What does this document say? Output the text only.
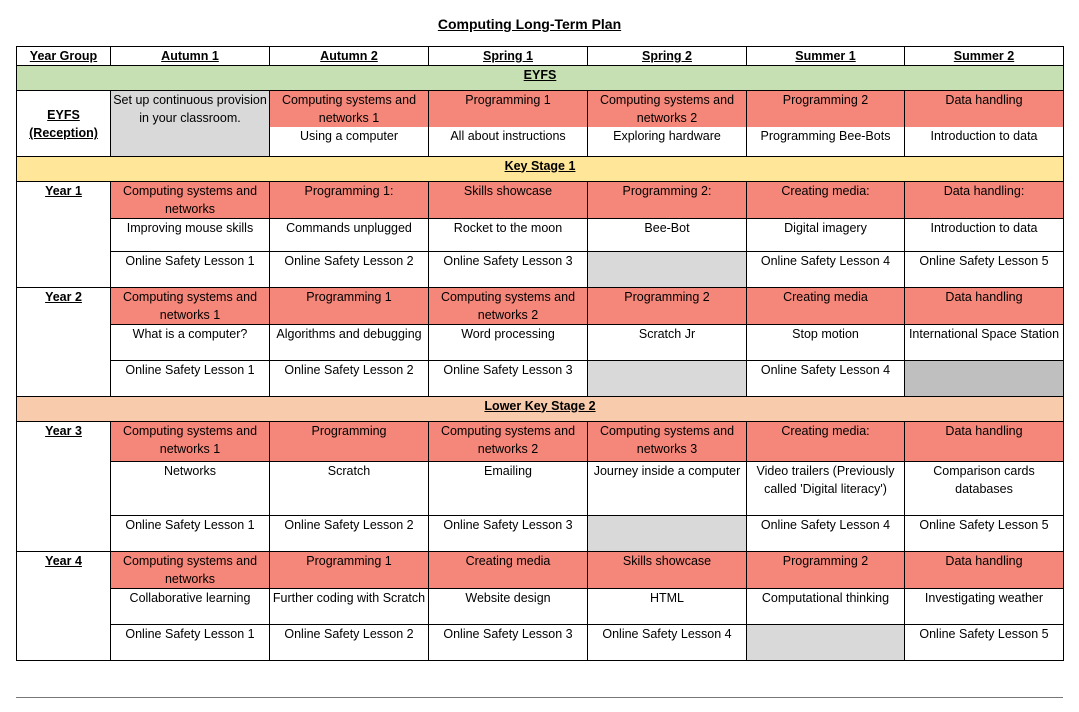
Computing Long-Term Plan
Year Group	Autumn 1	Autumn 2	Spring 1	Spring 2	Summer 1	Summer 2
EYFS						
EYFS (Reception)	Set up continuous provision in your classroom.	Computing systems and networks 1	Programming 1	Computing systems and networks 2	Programming 2	Data handling
		Using a computer	All about instructions	Exploring hardware	Programming Bee-Bots	Introduction to data
Key Stage 1						
Year 1	Computing systems and networks	Programming 1:	Skills showcase	Programming 2:	Creating media:	Data handling:
	Improving mouse skills	Commands unplugged	Rocket to the moon	Bee-Bot	Digital imagery	Introduction to data
	Online Safety Lesson 1	Online Safety Lesson 2	Online Safety Lesson 3		Online Safety Lesson 4	Online Safety Lesson 5
Year 2	Computing systems and networks 1	Programming 1	Computing systems and networks 2	Programming 2	Creating media	Data handling
	What is a computer?	Algorithms and debugging	Word processing	Scratch Jr	Stop motion	International Space Station
	Online Safety Lesson 1	Online Safety Lesson 2	Online Safety Lesson 3		Online Safety Lesson 4	
Lower Key Stage 2						
Year 3	Computing systems and networks 1	Programming	Computing systems and networks 2	Computing systems and networks 3	Creating media:	Data handling
	Networks	Scratch	Emailing	Journey inside a computer	Video trailers (Previously called 'Digital literacy')	Comparison cards databases
	Online Safety Lesson 1	Online Safety Lesson 2	Online Safety Lesson 3		Online Safety Lesson 4	Online Safety Lesson 5
Year 4	Computing systems and networks	Programming 1	Creating media	Skills showcase	Programming 2	Data handling
	Collaborative learning	Further coding with Scratch	Website design	HTML	Computational thinking	Investigating weather
	Online Safety Lesson 1	Online Safety Lesson 2	Online Safety Lesson 3	Online Safety Lesson 4		Online Safety Lesson 5
